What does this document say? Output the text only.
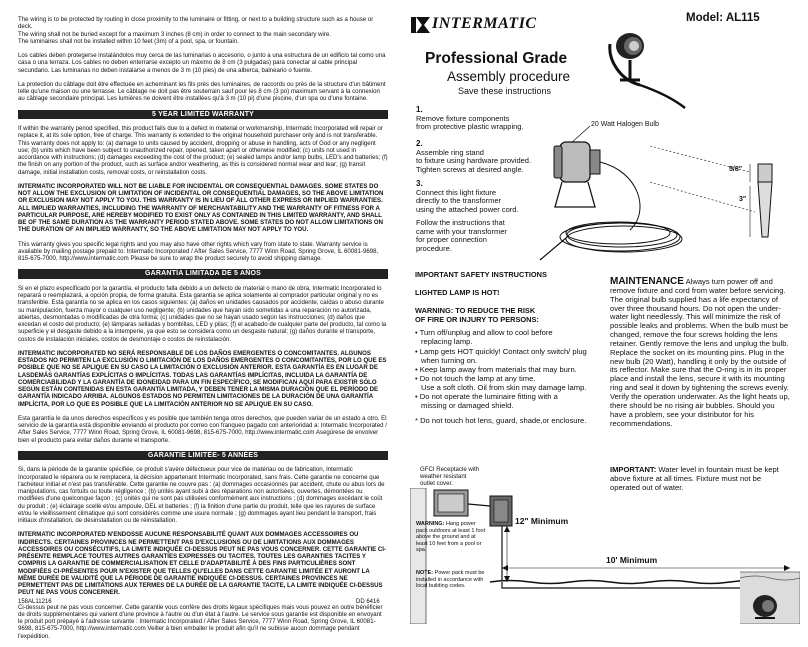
The wiring is to be protected by routing in close proximity to the luminaire or fitting, or next to a building structure such as a house or deck.
The wiring shall not be buried except for a maximum 3 inches (8 cm) in order to connect to the main secondary wire.
The luminaires shall not be installed within 10 feet (3m) of a pool, spa, or fountain.

Los cables deben protegerse instalándolos muy cerca de las luminarias o accesorio, o junto a una estructura de un edificio tal como una casa o una terraza. Los cables no deben enterrarse excepto un máximo de 8 cm (3 pulgadas) para conectar al cable principal secundario. Las luminarias no deben instalarse a menos de 3 m (10 pies) de una alberca, balneario o fuente.

La protection du câblage doit être effectuée en acheminant les fils près des luminaires, de raccords ou près de la structure d'un bâtiment telle qu'une maison ou une terrasse. Le câblage ne doit pas être souterrain sauf pour les 8 cm (3 po) maximum servant à la connexion au câblage secondaire principal. Les lumières ne doivent être installées qu'à 3 m (10 pi) d'une piscine, d'un spa ou d'une fontaine.

5 YEAR LIMITED WARRANTY

If within the warranty period specified, this product fails due to a defect in material or workmanship, Intermatic Incorporated will repair or replace it, at its sole option, free of charge. This warranty is extended to the original household purchaser only and is not transferable. This warranty does not apply to: (a) damage to units caused by accident, dropping or abuse in handling, acts of God or any negligent use; (b) units which have been subject to unauthorized repair, opened, taken apart or otherwise modified; (c) units not used in accordance with instructions; (d) damages exceeding the cost of the product; (e) sealed lamps and/or lamp bulbs, LED's and batteries; (f) the finish on any portion of the product, such as surface and/or weathering, as this is considered normal wear and tear; (g) transit damage, initial installation costs, removal costs, or reinstallation costs.

INTERMATIC INCORPORATED WILL NOT BE LIABLE FOR INCIDENTAL OR CONSEQUENTIAL DAMAGES. SOME STATES DO NOT ALLOW THE EXCLUSION OR LIMITATION OF INCIDENTAL OR CONSEQUENTIAL DAMAGES, SO THE ABOVE LIMITATION OR EXCLUSION MAY NOT APPLY TO YOU. THIS WARRANTY IS IN LIEU OF ALL OTHER EXPRESS OR IMPLIED WARRANTIES. ALL IMPLIED WARRANTIES, INCLUDING THE WARRANTY OF MERCHANTABILITY AND THE WARRANTY OF FITNESS FOR A PARTICULAR PURPOSE, ARE HEREBY MODIFIED TO EXIST ONLY AS CONTAINED IN THIS LIMITED WARRANTY, AND SHALL BE OF THE SAME DURATION AS THE WARRANTY PERIOD STATED ABOVE. SOME STATES DO NOT ALLOW LIMITATIONS ON THE DURATION OF AN IMPLIED WARRANTY, SO THE ABOVE LIMITATION MAY NOT APPLY TO YOU.

This warranty gives you specific legal rights and you may also have other rights which vary from state to state. Warranty service is available by mailing postage prepaid to: Intermatic Incorporated / After Sales Service, 7777 Winn Road, Spring Grove, IL 60081-9698, 815-675-7000, http://www.intermatic.com Please be sure to wrap the product securely to avoid shipping damage.

GARANTÍA LIMITADA DE 5 AÑOS

Si en el plazo especificado por la garantía, el producto falla debido a un defecto de material o mano de obra, Intermatic Incorporated lo reparará o reemplazará, a opción propia, de forma gratuita. Esta garantía se aplica solamente al comprador particular original y no es transferible. Esta garantía no se aplica en los casos siguientes: (a) daños en unidades causados por accidente, caídas o abuso durante su manipulación, fuerza mayor o cualquier uso negligente; (b) unidades que hayan sido sometidas a una reparación no autorizada, abiertas, desmontadas o modificadas de otra forma; (c) unidades que no se hayan usado según las instrucciones; (d) daños que excedan el costo del producto; (e) lámparas selladas y bombillas, LED y pilas; (f) el acabado de cualquier parte del producto, tal como la superficie y el desgaste debido a la intemperie, ya que esto se considera como un desgaste natural; (g) daños durante el transporte, costos de instalación iniciales, costos de desmontaje o costos de reinstalación.

INTERMATIC INCORPORATED NO SERÁ RESPONSABLE DE LOS DAÑOS EMERGENTES O CONCOMITANTES. ALGUNOS ESTADOS NO PERMITEN LA EXCLUSIÓN O LIMITACIÓN DE LOS DAÑOS EMERGENTES O CONCOMITANTES, POR LO QUE ES POSIBLE QUE NO SE APLIQUE EN SU CASO LA LIMITACIÓN O EXCLUSIÓN ANTERIOR. ESTA GARANTÍA ES EN LUGAR DE LASDEMÁS GARANTÍAS EXPLÍCITAS O IMPLÍCITAS. TODAS LAS GARANTÍAS IMPLÍCITAS, INCLUIDA LA GARANTÍA DE COMERCIABILIDAD Y LA GARANTÍA DE IDONEIDAD PARA UN FIN ESPECÍFICO, SE MODIFICAN AQUÍ PARA EXISTIR SÓLO SEGÚN ESTÁN CONTENIDAS EN ESTA GARANTÍA LIMITADA, Y DEBEN TENER LA MISMA DURACIÓN QUE EL PERÍODO DE GARANTÍA INDICADO ARRIBA. ALGUNOS ESTADOS NO PERMITEN LIMITACIONES DE LA DURACIÓN DE UNA GARANTÍA IMPLÍCITA, POR LO QUE ES POSIBLE QUE LA LIMITACIÓN ANTERIOR NO SE APLIQUE EN SU CASO.

Esta garantía le da unos derechos específicos y es posible que también tenga otros derechos, que pueden variar de un estado a otro. El servicio de la garantía está disponible enviando el producto por correo con franqueo pagado con anterioridad a: Intermatic Incorporated / After Sales Service, 7777 Winn Road, Spring Grove, IL 60081-9698, 815-675-7000, http://www.intermatic.com Asegúrese de envolver bien el producto para evitar daños durante el transporte.

GARANTIE LIMITÉE- 5 ANNÉES

Si, dans la période de la garantie spécifiée, ce produit s'avère défectueux pour vice de matériau ou de fabrication, Intermatic Incorporated le réparera ou le remplacera, la décision appartenant Intermatic Incorporated, sans frais. Cette garantie ne concerne que l'acheteur initial et n'est pas transférable. Cette garantie ne couvre pas : (a) dommages occasionnés par accident, chute ou abus lors de manipulations, cas fortuits ou toute négligence ; (b) unités ayant subi à des réparations non autorisées, ouvertes, démontées ou modifiées d'une quelconque façon ; (c) unités qui ne sont pas utilisées conformément aux instructions ; (d) dommages excédant le coût du produit ; (e) éclairage scellé et/ou ampoule, DEL et batteries ; (f) la finition d'une partie du produit, telle que les rayures de surface et/ou le vieillissement climatique qui sont considérés comme une usure normale ; (g) dommages ayant lieu pendant le transport, frais initiaux d'installation, de désinstallation ou de réinstallation.

INTERMATIC INCORPORATED N'ENDOSSE AUCUNE RESPONSABILITÉ QUANT AUX DOMMAGES ACCESSOIRES OU INDIRECTS. CERTAINES PROVINCES NE PERMETTENT PAS D'EXCLUSIONS OU DE LIMITATIONS AUX DOMMAGES ACCESSOIRES OU CONSÉCUTIFS, LA LIMITE INDIQUÉE CI-DESSUS PEUT NE PAS VOUS CONCERNER. CETTE GARANTIE CI-PRÉSENTE REMPLACE TOUTES AUTRES GARANTIES EXPRESSES OU TACITES. TOUTES LES GARANTIES TACITES Y COMPRIS LA GARANTIE DE COMMERCIALISATION ET CELLE D'ADAPTABILITÉ À DES FINS PARTICULIÈRES SONT MODIFIÉES CI-PRÉSENTES POUR N'EXISTER QUE TELLES QU'ELLES DANS CETTE GARANTIE LIMITÉE ET AURONT LA MÊME DURÉE DE VALIDITÉ QUE LA PÉRIODE DE GARANTIE INDIQUÉE CI-DESSUS. CERTAINES PROVINCES NE PERMETTENT PAS DE LIMITATIONS AUX TERMES DE LA DURÉE DE LA GARANTIE TACITE, LA LIMITE INDIQUÉE CI-DESSUS PEUT NE PAS VOUS CONCERNER.

Ci-dessus peut ne pas vous concerner. Cette garantie vous confère des droits légaux spécifiques mais vous pouvez en outre bénéficier de droits supplémentaires qui varient d'une province à l'autre ou d'un état à l'autre. Le service sous garantie est disponible en envoyant le produit port prépayé à l'adresse suivante : Intermatic Incorporated / After Sales Service, 7777 Winn Road, Spring Grove, IL 60081-9698, 815-675-7000, http://www.intermatic.com Veiller à bien emballer le produit afin qu'il ne subisse aucun dommage pendant l'expédition.

158AL11216	DD 6416
INTERMATIC	Model: AL115
Professional Grade
Assembly procedure
Save these instructions
1.
Remove fixture components
from protective plastic wrapping.
2.
Assemble ring stand
to fixture using hardware provided.
Tighten screws at desired angle.
3.
Connect this light fixture
directly to the transformer
using the attached power cord.
Follow the instructions that
came with your transformer
for proper connection
procedure.
20 Watt Halogen Bulb
5/8"
3"
IMPORTANT SAFETY INSTRUCTIONS
LIGHTED LAMP IS HOT!
WARNING: TO REDUCE THE RISK
OF FIRE OR INJURY TO PERSONS:
• Turn off/unplug and allow to cool before
replacing lamp.
• Lamp gets HOT quickly! Contact only switch/ plug
when turning on.
• Keep lamp away from materials that may burn.
• Do not touch the lamp at any time.
Use a soft cloth. Oil from skin may damage lamp.
• Do not operate the luminaire fitting with a
missing or damaged shield.
* Do not touch hot lens, guard, shade,or enclosure.
MAINTENANCE Always turn power off and remove fixture and cord from water before servicing. The original bulb supplied has a life expectancy of over three thousand hours. Do not open the under-water light needlessly. This will minimize the risk of possible leaks and problems. When the bulb must be changed, remove the four screws holding the lens retainer. Gently remove the lens and unplug the bulb. Replace the socket on its mounting pins. Plug in the new bulb (20 Watt), handling it only by the outside of its reflector. Make sure that the O-ring is in its proper place and install the lens, secure it with its mounting ring and seal it down by tightening the screws evenly. Verify the operation underwater. As the light heats up, there should be no rising air bubbles. Should you have a problem, see your distributor for his recommendations.
IMPORTANT: Water level in fountain must be kept above fixture at all times. Fixture must not be operated out of water.
GFCI Receptacle with
weather resistant
outlet cover.
12" Minimum
10' Minimum
WARNING: Hang power pack outdoors at least 1 foot above the ground and at least 10 feet from a pool or spa.
NOTE: Power pack must be installed in accordance with local building codes.
